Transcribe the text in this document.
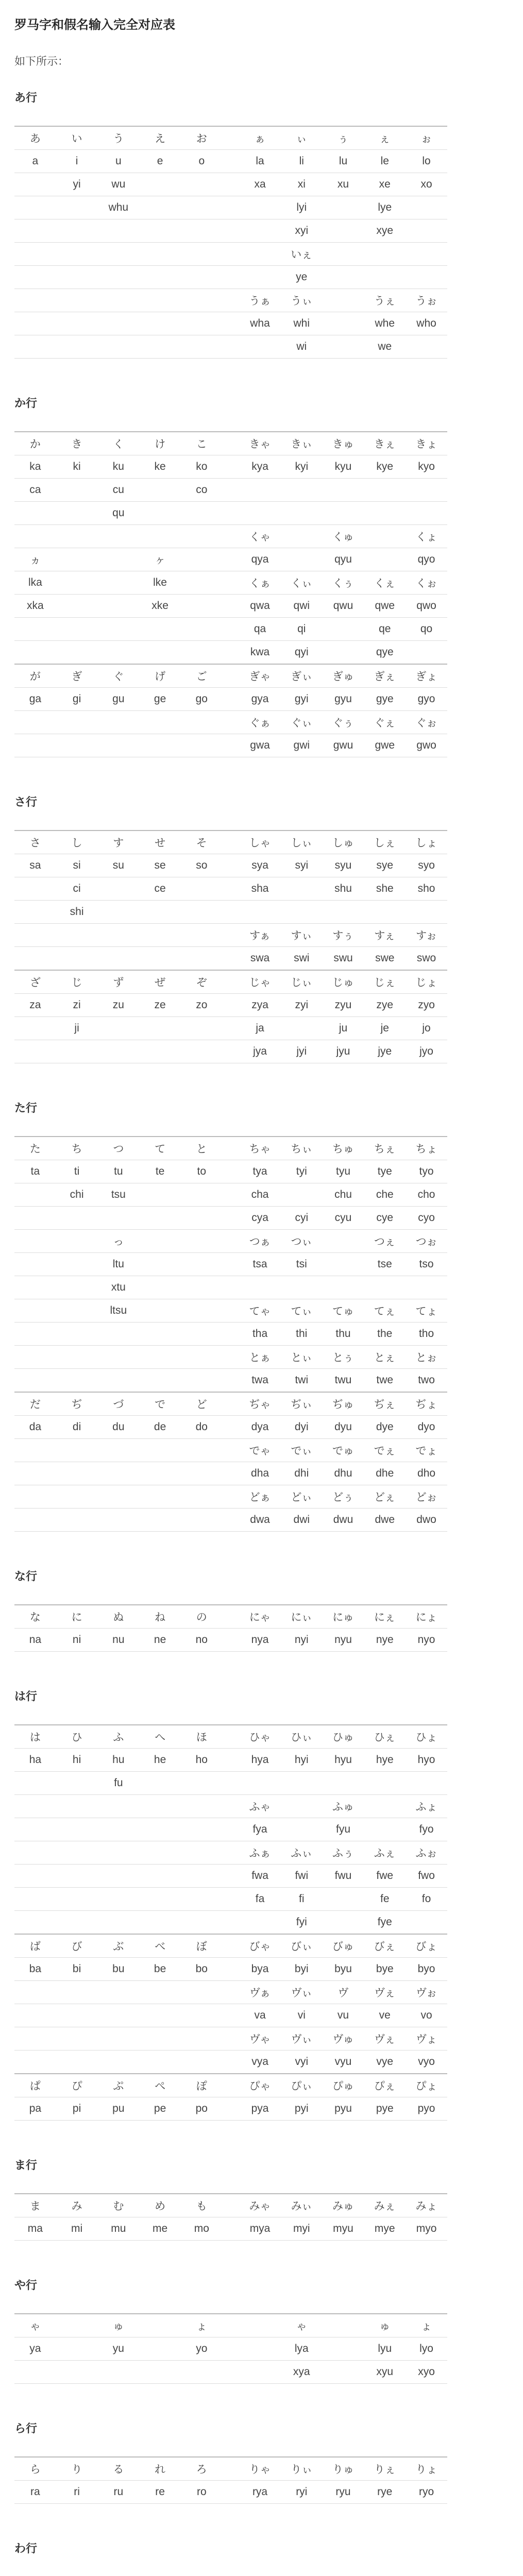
罗马字和假名输入完全对应表
如下所示：
あ行
あ	い	う	え	お		ぁ	ぃ	ぅ	ぇ	ぉ
a	i	u	e	o		la	li	lu	le	lo
	yi	wu				xa	xi	xu	xe	xo
		whu					lyi		lye	
							xyi		xye	
							いぇ			
							ye			
						うぁ	うぃ		うぇ	うぉ
						wha	whi		whe	who
							wi		we	
か行
か	き	く	け	こ		きゃ	きぃ	きゅ	きぇ	きょ
ka	ki	ku	ke	ko		kya	kyi	kyu	kye	kyo
ca		cu		co						
		qu								
						くゃ		くゅ		くょ
ヵ			ヶ			qya		qyu		qyo
lka			lke			くぁ	くぃ	くぅ	くぇ	くぉ
xka			xke			qwa	qwi	qwu	qwe	qwo
						qa	qi		qe	qo
						kwa	qyi		qye	
が	ぎ	ぐ	げ	ご		ぎゃ	ぎぃ	ぎゅ	ぎぇ	ぎょ
ga	gi	gu	ge	go		gya	gyi	gyu	gye	gyo
						ぐぁ	ぐぃ	ぐぅ	ぐぇ	ぐぉ
						gwa	gwi	gwu	gwe	gwo
さ行
さ	し	す	せ	そ		しゃ	しぃ	しゅ	しぇ	しょ
sa	si	su	se	so		sya	syi	syu	sye	syo
	ci		ce			sha		shu	she	sho
	shi									
						すぁ	すぃ	すぅ	すぇ	すぉ
						swa	swi	swu	swe	swo
ざ	じ	ず	ぜ	ぞ		じゃ	じぃ	じゅ	じぇ	じょ
za	zi	zu	ze	zo		zya	zyi	zyu	zye	zyo
	ji					ja		ju	je	jo
						jya	jyi	jyu	jye	jyo
た行
た	ち	つ	て	と		ちゃ	ちぃ	ちゅ	ちぇ	ちょ
ta	ti	tu	te	to		tya	tyi	tyu	tye	tyo
	chi	tsu				cha		chu	che	cho
						cya	cyi	cyu	cye	cyo
		っ				つぁ	つぃ		つぇ	つぉ
		ltu				tsa	tsi		tse	tso
		xtu								
		ltsu				てゃ	てぃ	てゅ	てぇ	てょ
						tha	thi	thu	the	tho
						とぁ	とぃ	とぅ	とぇ	とぉ
						twa	twi	twu	twe	two
だ	ぢ	づ	で	ど		ぢゃ	ぢぃ	ぢゅ	ぢぇ	ぢょ
da	di	du	de	do		dya	dyi	dyu	dye	dyo
						でゃ	でぃ	でゅ	でぇ	でょ
						dha	dhi	dhu	dhe	dho
						どぁ	どぃ	どぅ	どぇ	どぉ
						dwa	dwi	dwu	dwe	dwo
な行
な	に	ぬ	ね	の		にゃ	にぃ	にゅ	にぇ	にょ
na	ni	nu	ne	no		nya	nyi	nyu	nye	nyo
は行
は	ひ	ふ	へ	ほ		ひゃ	ひぃ	ひゅ	ひぇ	ひょ
ha	hi	hu	he	ho		hya	hyi	hyu	hye	hyo
		fu								
						ふゃ		ふゅ		ふょ
						fya		fyu		fyo
						ふぁ	ふぃ	ふぅ	ふぇ	ふぉ
						fwa	fwi	fwu	fwe	fwo
						fa	fi		fe	fo
							fyi		fye	
ば	び	ぶ	べ	ぼ		びゃ	びぃ	びゅ	びぇ	びょ
ba	bi	bu	be	bo		bya	byi	byu	bye	byo
						ヴぁ	ヴぃ	ヴ	ヴぇ	ヴぉ
						va	vi	vu	ve	vo
						ヴゃ	ヴぃ	ヴゅ	ヴぇ	ヴょ
						vya	vyi	vyu	vye	vyo
ぱ	ぴ	ぷ	ぺ	ぽ		ぴゃ	ぴぃ	ぴゅ	ぴぇ	ぴょ
pa	pi	pu	pe	po		pya	pyi	pyu	pye	pyo
ま行
ま	み	む	め	も		みゃ	みぃ	みゅ	みぇ	みょ
ma	mi	mu	me	mo		mya	myi	myu	mye	myo
や行
ゃ		ゅ		ょ			ゃ		ゅ	ょ
ya		yu		yo			lya		lyu	lyo
							xya		xyu	xyo
ら行
ら	り	る	れ	ろ		りゃ	りぃ	りゅ	りぇ	りょ
ra	ri	ru	re	ro		rya	ryi	ryu	rye	ryo
わ行
